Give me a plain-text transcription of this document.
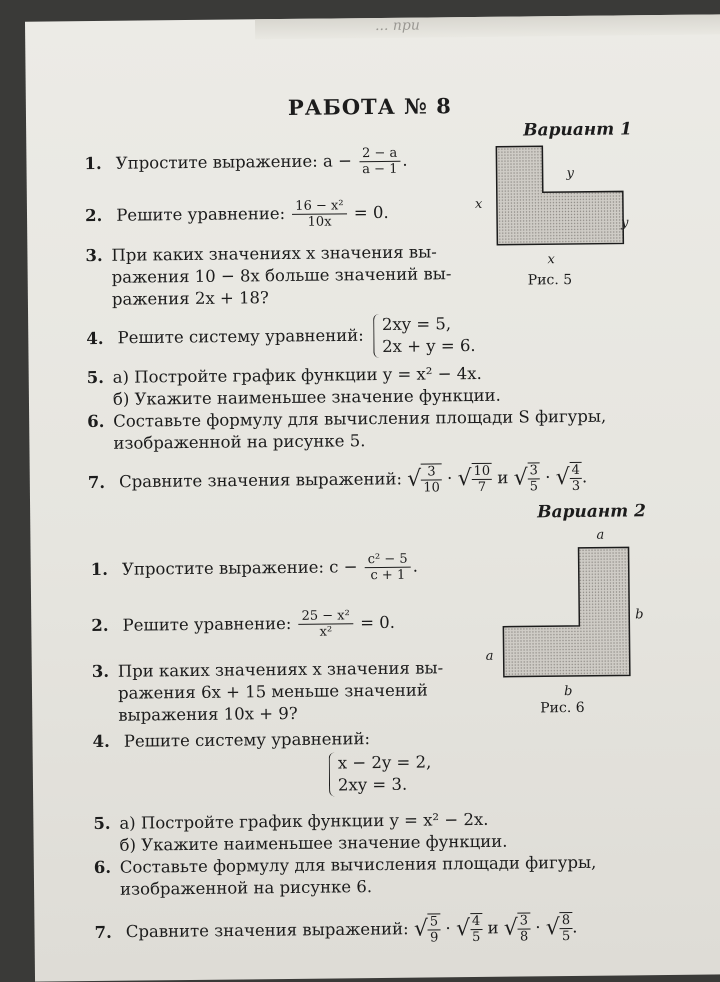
... при
РАБОТА № 8
Вариант 1
1. Упростите выражение: $a - \frac{2 - a}{a - 1}$ .
2. Решите уравнение: $\frac{\text{16 − x²}}{10x} = 0$.
3. При каких значениях x значения вы-
ражения 10 − 8x больше значений вы-
ражения 2x + 18?
4. Решите систему уравнений: 2xy = 5,
2x + y = 6.
5. а) Постройте график функции y = x² − 4x.
б) Укажите наименьшее значение функции.
6. Составьте формулу для вычисления площади S фигуры,
изображенной на рисунке 5.
7. Сравните значения выражений: √ $\frac{3}{10}$ · √ $\frac{10}{7}$ и √ $\frac{3}{5}$ · √ $\frac{4}{3}$ .
x
y
y
x
Рис. 5
Вариант 2
1. Упростите выражение: $c - \frac{\text{c² − 5}}{c + 1}$ .
2. Решите уравнение: $\frac{\text{25 − x²}}{\text{x²}} = 0$.
3. При каких значениях x значения вы-
ражения 6x + 15 меньше значений
выражения 10x + 9?
4. Решите систему уравнений:
x − 2y = 2,
2xy = 3.
5. а) Постройте график функции y = x² − 2x.
б) Укажите наименьшее значение функции.
6. Составьте формулу для вычисления площади фигуры,
изображенной на рисунке 6.
7. Сравните значения выражений: √ $\frac{5}{9}$ · √ $\frac{4}{5}$ и √ $\frac{3}{8}$ · √ $\frac{8}{5}$ .
a
a
b
b
Рис. 6
